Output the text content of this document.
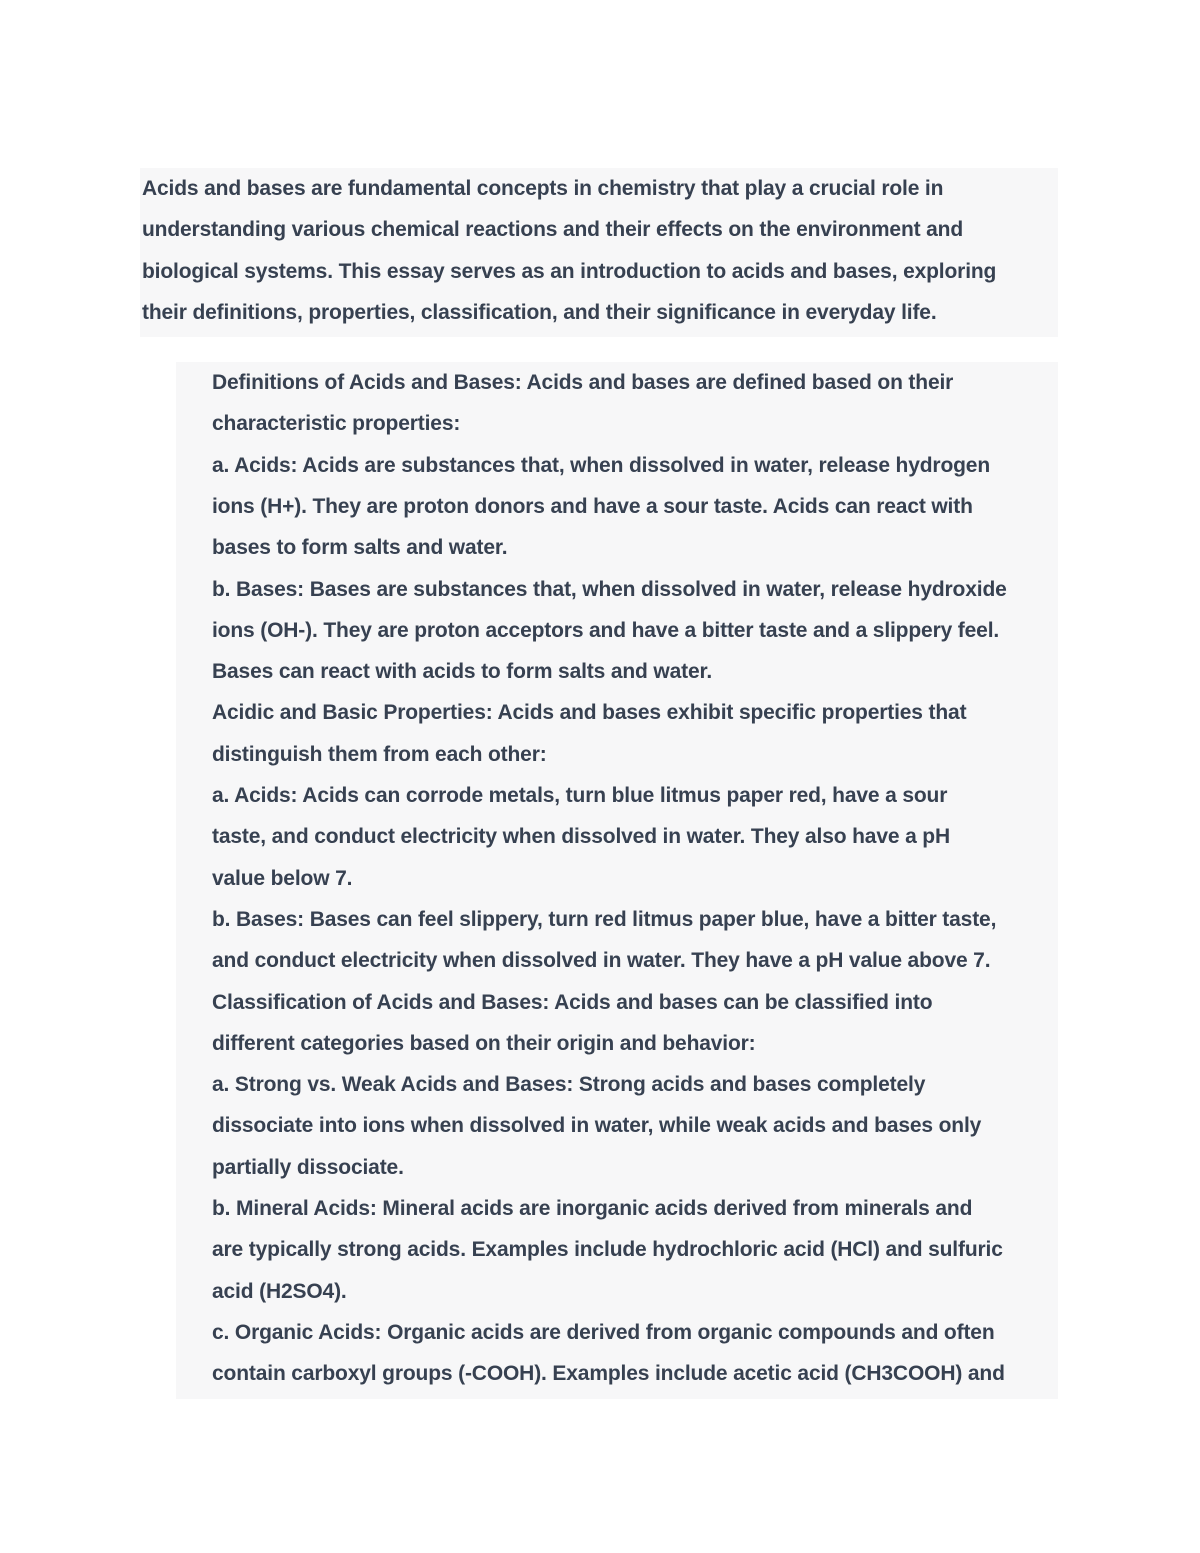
Acids and bases are fundamental concepts in chemistry that play a crucial role in
understanding various chemical reactions and their effects on the environment and
biological systems. This essay serves as an introduction to acids and bases, exploring
their definitions, properties, classification, and their significance in everyday life.
Definitions of Acids and Bases: Acids and bases are defined based on their
characteristic properties:
a. Acids: Acids are substances that, when dissolved in water, release hydrogen
ions (H+). They are proton donors and have a sour taste. Acids can react with
bases to form salts and water.
b. Bases: Bases are substances that, when dissolved in water, release hydroxide
ions (OH-). They are proton acceptors and have a bitter taste and a slippery feel.
Bases can react with acids to form salts and water.
Acidic and Basic Properties: Acids and bases exhibit specific properties that
distinguish them from each other:
a. Acids: Acids can corrode metals, turn blue litmus paper red, have a sour
taste, and conduct electricity when dissolved in water. They also have a pH
value below 7.
b. Bases: Bases can feel slippery, turn red litmus paper blue, have a bitter taste,
and conduct electricity when dissolved in water. They have a pH value above 7.
Classification of Acids and Bases: Acids and bases can be classified into
different categories based on their origin and behavior:
a. Strong vs. Weak Acids and Bases: Strong acids and bases completely
dissociate into ions when dissolved in water, while weak acids and bases only
partially dissociate.
b. Mineral Acids: Mineral acids are inorganic acids derived from minerals and
are typically strong acids. Examples include hydrochloric acid (HCl) and sulfuric
acid (H2SO4).
c. Organic Acids: Organic acids are derived from organic compounds and often
contain carboxyl groups (-COOH). Examples include acetic acid (CH3COOH) and
